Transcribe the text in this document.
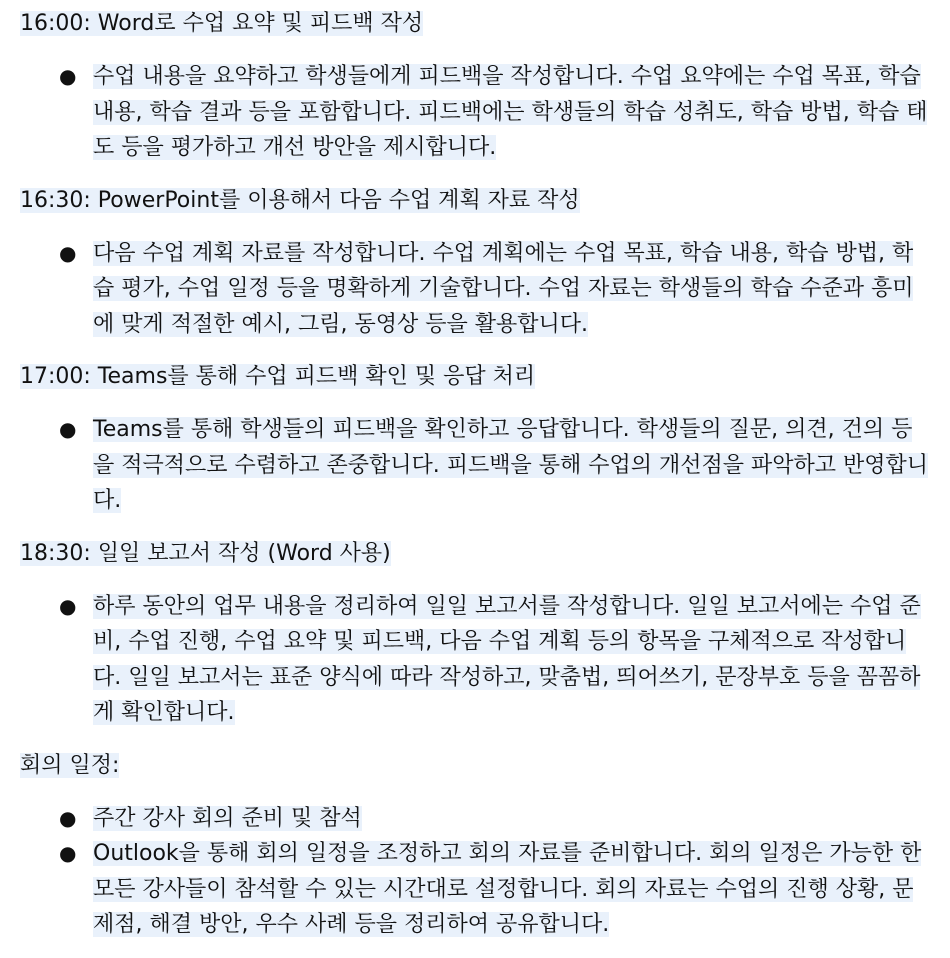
16:00: Word로 수업 요약 및 피드백 작성

● 수업 내용을 요약하고 학생들에게 피드백을 작성합니다. 수업 요약에는 수업 목표, 학습 내용, 학습 결과 등을 포함합니다. 피드백에는 학생들의 학습 성취도, 학습 방법, 학습 태도 등을 평가하고 개선 방안을 제시합니다.

16:30: PowerPoint를 이용해서 다음 수업 계획 자료 작성

● 다음 수업 계획 자료를 작성합니다. 수업 계획에는 수업 목표, 학습 내용, 학습 방법, 학습 평가, 수업 일정 등을 명확하게 기술합니다. 수업 자료는 학생들의 학습 수준과 흥미에 맞게 적절한 예시, 그림, 동영상 등을 활용합니다.

17:00: Teams를 통해 수업 피드백 확인 및 응답 처리

● Teams를 통해 학생들의 피드백을 확인하고 응답합니다. 학생들의 질문, 의견, 건의 등을 적극적으로 수렴하고 존중합니다. 피드백을 통해 수업의 개선점을 파악하고 반영합니다.

18:30: 일일 보고서 작성 (Word 사용)

● 하루 동안의 업무 내용을 정리하여 일일 보고서를 작성합니다. 일일 보고서에는 수업 준비, 수업 진행, 수업 요약 및 피드백, 다음 수업 계획 등의 항목을 구체적으로 작성합니다. 일일 보고서는 표준 양식에 따라 작성하고, 맞춤법, 띄어쓰기, 문장부호 등을 꼼꼼하게 확인합니다.

회의 일정:

● 주간 강사 회의 준비 및 참석
● Outlook을 통해 회의 일정을 조정하고 회의 자료를 준비합니다. 회의 일정은 가능한 한 모든 강사들이 참석할 수 있는 시간대로 설정합니다. 회의 자료는 수업의 진행 상황, 문제점, 해결 방안, 우수 사례 등을 정리하여 공유합니다.
